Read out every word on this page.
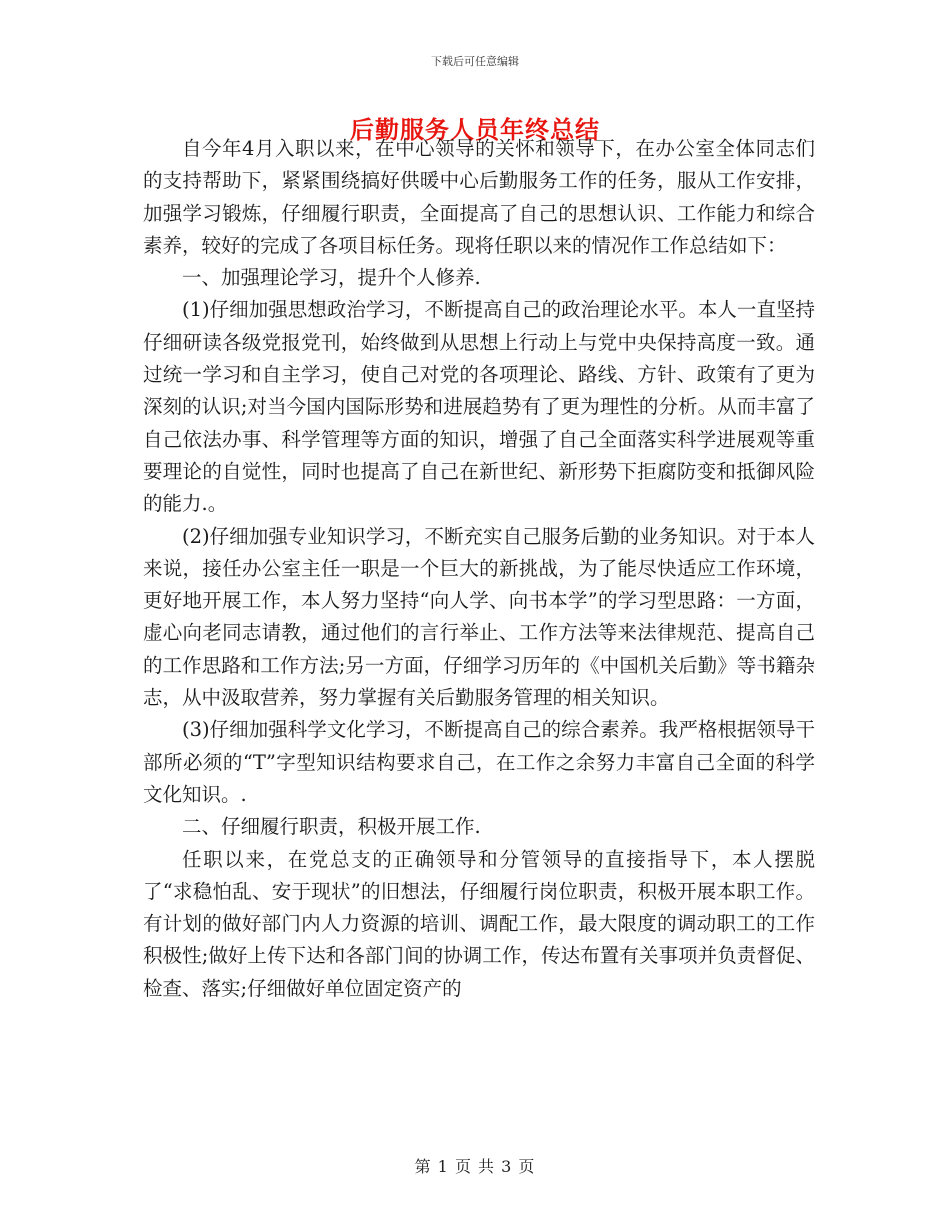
下载后可任意编辑
后勤服务人员年终总结

自今年4月入职以来，在中心领导的关怀和领导下，在办公室全体同志们的支持帮助下，紧紧围绕搞好供暖中心后勤服务工作的任务，服从工作安排，加强学习锻炼，仔细履行职责，全面提高了自己的思想认识、工作能力和综合素养，较好的完成了各项目标任务。现将任职以来的情况作工作总结如下：

一、加强理论学习，提升个人修养.

(1)仔细加强思想政治学习，不断提高自己的政治理论水平。本人一直坚持仔细研读各级党报党刊，始终做到从思想上行动上与党中央保持高度一致。通过统一学习和自主学习，使自己对党的各项理论、路线、方针、政策有了更为深刻的认识;对当今国内国际形势和进展趋势有了更为理性的分析。从而丰富了自己依法办事、科学管理等方面的知识，增强了自己全面落实科学进展观等重要理论的自觉性，同时也提高了自己在新世纪、新形势下拒腐防变和抵御风险的能力.。

(2)仔细加强专业知识学习，不断充实自己服务后勤的业务知识。对于本人来说，接任办公室主任一职是一个巨大的新挑战，为了能尽快适应工作环境，更好地开展工作，本人努力坚持“向人学、向书本学”的学习型思路：一方面，虚心向老同志请教，通过他们的言行举止、工作方法等来法律规范、提高自己的工作思路和工作方法;另一方面，仔细学习历年的《中国机关后勤》等书籍杂志，从中汲取营养，努力掌握有关后勤服务管理的相关知识。

(3)仔细加强科学文化学习，不断提高自己的综合素养。我严格根据领导干部所必须的“T”字型知识结构要求自己，在工作之余努力丰富自己全面的科学文化知识。.

二、仔细履行职责，积极开展工作.

任职以来，在党总支的正确领导和分管领导的直接指导下，本人摆脱了“求稳怕乱、安于现状”的旧想法，仔细履行岗位职责，积极开展本职工作。有计划的做好部门内人力资源的培训、调配工作，最大限度的调动职工的工作积极性;做好上传下达和各部门间的协调工作，传达布置有关事项并负责督促、检查、落实;仔细做好单位固定资产的

第 1 页 共 3 页
